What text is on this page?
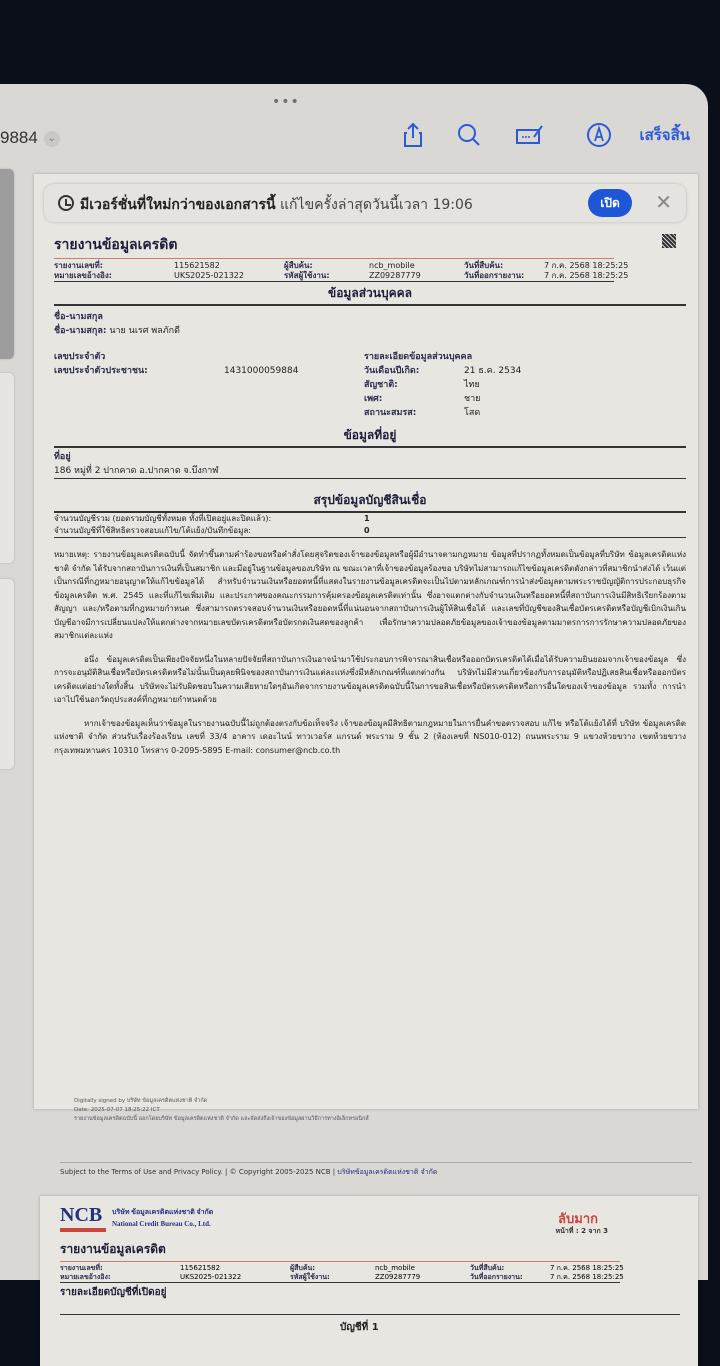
•••
9884 ⌄	เสร็จสิ้น
มีเวอร์ชั่นที่ใหม่กว่าของเอกสารนี้ แก้ไขครั้งล่าสุดวันนี้เวลา 19:06	เปิด	✕
รายงานข้อมูลเครดิต
รายงานเลขที่:	115621582	ผู้สืบค้น:	ncb_mobile	วันที่สืบค้น:	7 ก.ค. 2568 18:25:25
หมายเลขอ้างอิง:	UKS2025-021322	รหัสผู้ใช้งาน:	ZZ09287779	วันที่ออกรายงาน:	7 ก.ค. 2568 18:25:25
ข้อมูลส่วนบุคคล
ชื่อ-นามสกุล
ชื่อ-นามสกุล: นาย นเรศ พลภักดี
เลขประจำตัว
เลขประจำตัวประชาชน:	1431000059884
รายละเอียดข้อมูลส่วนบุคคล
วันเดือนปีเกิด:	21 ธ.ค. 2534
สัญชาติ:	ไทย
เพศ:	ชาย
สถานะสมรส:	โสด
ข้อมูลที่อยู่
ที่อยู่
186 หมู่ที่ 2 ปากคาด อ.ปากคาด จ.บึงกาฬ
สรุปข้อมูลบัญชีสินเชื่อ
จำนวนบัญชีรวม (ยอดรวมบัญชีทั้งหมด ทั้งที่เปิดอยู่และปิดแล้ว):	1
จำนวนบัญชีที่ใช้สิทธิตรวจสอบแก้ไข/โต้แย้ง/บันทึกข้อมูล:	0

หมายเหตุ: รายงานข้อมูลเครดิตฉบับนี้ จัดทำขึ้นตามคำร้องขอหรือคำสั่งโดยสุจริตของเจ้าของข้อมูลหรือผู้มีอำนาจตามกฎหมาย ข้อมูลที่ปรากฏทั้งหมดเป็นข้อมูลที่บริษัท ข้อมูลเครดิตแห่งชาติ จำกัด ได้รับจากสถาบันการเงินที่เป็นสมาชิก และมีอยู่ในฐานข้อมูลของบริษัท ณ ขณะเวลาที่เจ้าของข้อมูลร้องขอ บริษัทไม่สามารถแก้ไขข้อมูลเครดิตดังกล่าวที่สมาชิกนำส่งได้ เว้นแต่เป็นกรณีที่กฎหมายอนุญาตให้แก้ไขข้อมูลได้ สำหรับจำนวนเงินหรือยอดหนี้ที่แสดงในรายงานข้อมูลเครดิตจะเป็นไปตามหลักเกณฑ์การนำส่งข้อมูลตามพระราชบัญญัติการประกอบธุรกิจข้อมูลเครดิต พ.ศ. 2545 และที่แก้ไขเพิ่มเติม และประกาศของคณะกรรมการคุ้มครองข้อมูลเครดิตเท่านั้น ซึ่งอาจแตกต่างกับจำนวนเงินหรือยอดหนี้ที่สถาบันการเงินมีสิทธิเรียกร้องตามสัญญา และ/หรือตามที่กฎหมายกำหนด ซึ่งสามารถตรวจสอบจำนวนเงินหรือยอดหนี้ที่แน่นอนจากสถาบันการเงินผู้ให้สินเชื่อได้ และเลขที่บัญชีของสินเชื่อบัตรเครดิตหรือบัญชีเบิกเงินเกินบัญชีอาจมีการเปลี่ยนแปลงให้แตกต่างจากหมายเลขบัตรเครดิตหรือบัตรกดเงินสดของลูกค้า เพื่อรักษาความปลอดภัยข้อมูลของเจ้าของข้อมูลตามมาตรการการรักษาความปลอดภัยของสมาชิกแต่ละแห่ง

อนึ่ง ข้อมูลเครดิตเป็นเพียงปัจจัยหนึ่งในหลายปัจจัยที่สถาบันการเงินอาจนำมาใช้ประกอบการพิจารณาสินเชื่อหรือออกบัตรเครดิตได้เมื่อได้รับความยินยอมจากเจ้าของข้อมูล ซึ่งการจะอนุมัติสินเชื่อหรือบัตรเครดิตหรือไม่นั้นเป็นดุลยพินิจของสถาบันการเงินแต่ละแห่งซึ่งมีหลักเกณฑ์ที่แตกต่างกัน บริษัทไม่มีส่วนเกี่ยวข้องกับการอนุมัติหรือปฏิเสธสินเชื่อหรือออกบัตรเครดิตแต่อย่างใดทั้งสิ้น บริษัทจะไม่รับผิดชอบในความเสียหายใดๆอันเกิดจากรายงานข้อมูลเครดิตฉบับนี้ในการขอสินเชื่อหรือบัตรเครดิตหรือการอื่นใดของเจ้าของข้อมูล รวมทั้ง การนำเอาไปใช้นอกวัตถุประสงค์ที่กฎหมายกำหนดด้วย

หากเจ้าของข้อมูลเห็นว่าข้อมูลในรายงานฉบับนี้ไม่ถูกต้องตรงกับข้อเท็จจริง เจ้าของข้อมูลมีสิทธิตามกฎหมายในการยื่นคำขอตรวจสอบ แก้ไข หรือโต้แย้งได้ที่ บริษัท ข้อมูลเครดิตแห่งชาติ จำกัด ส่วนรับเรื่องร้องเรียน เลขที่ 33/4 อาคาร เดอะไนน์ ทาวเวอร์ส แกรนด์ พระราม 9 ชั้น 2 (ห้องเลขที่ NS010-012) ถนนพระราม 9 แขวงห้วยขวาง เขตห้วยขวาง กรุงเทพมหานคร 10310 โทรสาร 0-2095-5895 E-mail: consumer@ncb.co.th

Digitally signed by บริษัท ข้อมูลเครดิตแห่งชาติ จำกัด
Date: 2025-07-07 18:25:22 ICT
รายงานข้อมูลเครดิตฉบับนี้ ออกโดยบริษัท ข้อมูลเครดิตแห่งชาติ จำกัด และจัดส่งถึงเจ้าของข้อมูลผ่านวิธีการทางอิเล็กทรอนิกส์
Subject to the Terms of Use and Privacy Policy. | © Copyright 2005-2025 NCB | บริษัทข้อมูลเครดิตแห่งชาติ จำกัด
NCB บริษัท ข้อมูลเครดิตแห่งชาติ จำกัด
National Credit Bureau Co., Ltd.	ลับมาก
หน้าที่ : 2 จาก 3
รายงานข้อมูลเครดิต
รายงานเลขที่:	115621582	ผู้สืบค้น:	ncb_mobile	วันที่สืบค้น:	7 ก.ค. 2568 18:25:25
หมายเลขอ้างอิง:	UKS2025-021322	รหัสผู้ใช้งาน:	ZZ09287779	วันที่ออกรายงาน:	7 ก.ค. 2568 18:25:25
รายละเอียดบัญชีที่เปิดอยู่
บัญชีที่ 1
